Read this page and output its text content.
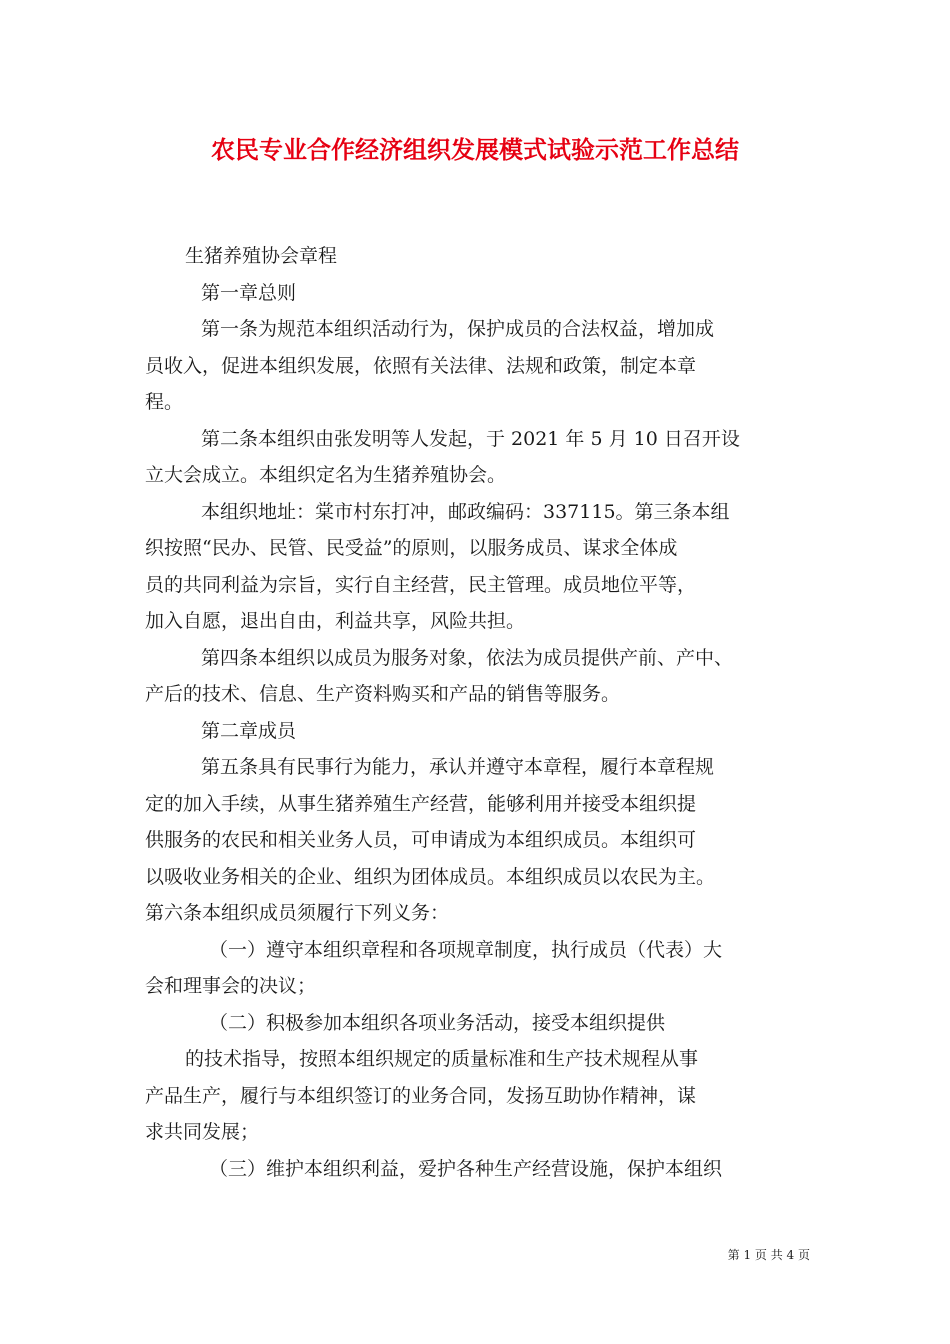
农民专业合作经济组织发展模式试验示范工作总结
生猪养殖协会章程
第一章总则
第一条为规范本组织活动行为，保护成员的合法权益，增加成
员收入，促进本组织发展，依照有关法律、法规和政策，制定本章
程。
第二条本组织由张发明等人发起，于 2021 年 5 月 10 日召开设
立大会成立。本组织定名为生猪养殖协会。
本组织地址：棠市村东打冲，邮政编码：337115。第三条本组
织按照“民办、民管、民受益”的原则，以服务成员、谋求全体成
员的共同利益为宗旨，实行自主经营，民主管理。成员地位平等，
加入自愿，退出自由，利益共享，风险共担。
第四条本组织以成员为服务对象，依法为成员提供产前、产中、
产后的技术、信息、生产资料购买和产品的销售等服务。
第二章成员
第五条具有民事行为能力，承认并遵守本章程，履行本章程规
定的加入手续，从事生猪养殖生产经营，能够利用并接受本组织提
供服务的农民和相关业务人员，可申请成为本组织成员。本组织可
以吸收业务相关的企业、组织为团体成员。本组织成员以农民为主。
第六条本组织成员须履行下列义务：
（一）遵守本组织章程和各项规章制度，执行成员（代表）大
会和理事会的决议；
（二）积极参加本组织各项业务活动，接受本组织提供
的技术指导，按照本组织规定的质量标准和生产技术规程从事
产品生产，履行与本组织签订的业务合同，发扬互助协作精神，谋
求共同发展；
（三）维护本组织利益，爱护各种生产经营设施，保护本组织
第 1 页 共 4 页
